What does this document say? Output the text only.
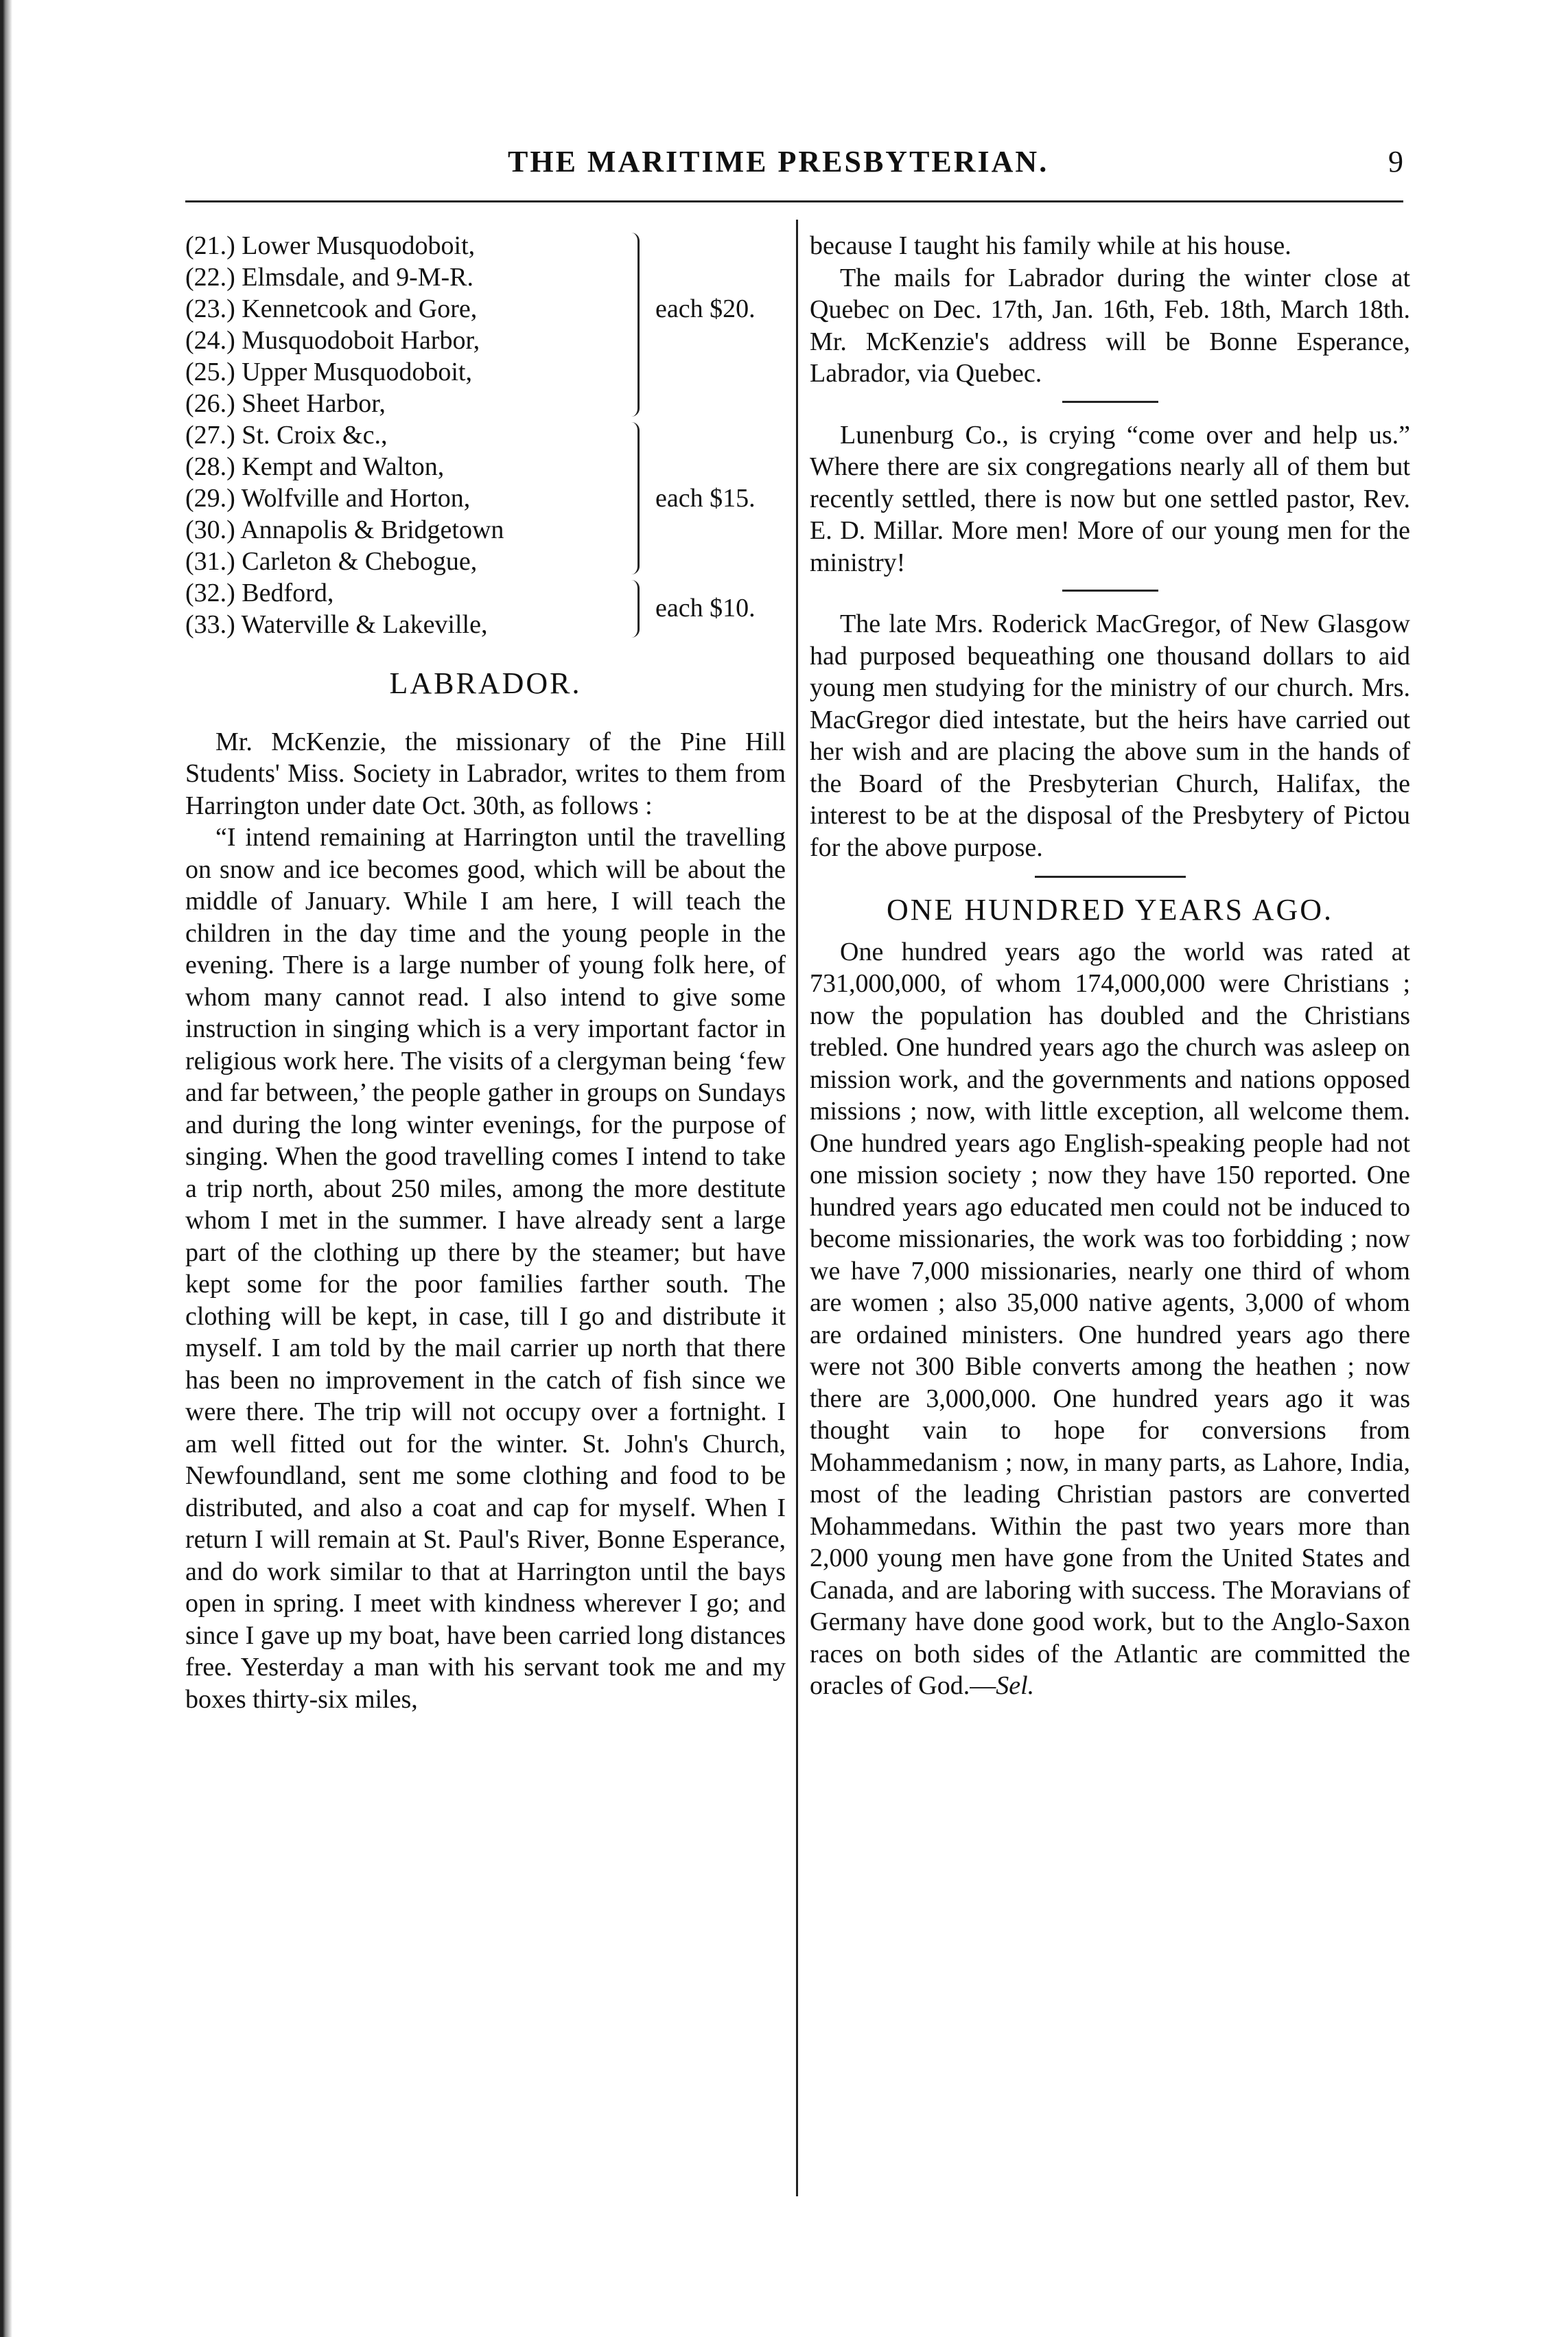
THE MARITIME PRESBYTERIAN.	9
(21.) Lower Musquodoboit,
(22.) Elmsdale, and 9-M-R.
(23.) Kennetcook and Gore,
(24.) Musquodoboit Harbor,
(25.) Upper Musquodoboit,
(26.) Sheet Harbor,
each $20.
(27.) St. Croix &c.,
(28.) Kempt and Walton,
(29.) Wolfville and Horton,
(30.) Annapolis & Bridgetown
(31.) Carleton & Chebogue,
each $15.
(32.) Bedford,
(33.) Waterville & Lakeville,
each $10.
LABRADOR.

Mr. McKenzie, the missionary of the Pine Hill Students' Miss. Society in Labrador, writes to them from Harrington under date Oct. 30th, as follows :

“I intend remaining at Harrington until the travelling on snow and ice becomes good, which will be about the middle of January. While I am here, I will teach the children in the day time and the young people in the evening. There is a large number of young folk here, of whom many cannot read. I also intend to give some instruction in singing which is a very important factor in religious work here. The visits of a clergyman being ‘few and far between,’ the people gather in groups on Sundays and during the long winter evenings, for the purpose of singing. When the good travelling comes I intend to take a trip north, about 250 miles, among the more destitute whom I met in the summer. I have already sent a large part of the clothing up there by the steamer; but have kept some for the poor families farther south. The clothing will be kept, in case, till I go and distribute it myself. I am told by the mail carrier up north that there has been no improvement in the catch of fish since we were there. The trip will not occupy over a fortnight. I am well fitted out for the winter. St. John's Church, Newfoundland, sent me some clothing and food to be distributed, and also a coat and cap for myself. When I return I will remain at St. Paul's River, Bonne Esperance, and do work similar to that at Harrington until the bays open in spring. I meet with kindness wherever I go; and since I gave up my boat, have been carried long distances free. Yesterday a man with his servant took me and my boxes thirty-six miles,

because I taught his family while at his house.

The mails for Labrador during the winter close at Quebec on Dec. 17th, Jan. 16th, Feb. 18th, March 18th. Mr. McKenzie's address will be Bonne Esperance, Labrador, via Quebec.

Lunenburg Co., is crying “come over and help us.” Where there are six congregations nearly all of them but recently settled, there is now but one settled pastor, Rev. E. D. Millar. More men! More of our young men for the ministry!

The late Mrs. Roderick MacGregor, of New Glasgow had purposed bequeathing one thousand dollars to aid young men studying for the ministry of our church. Mrs. MacGregor died intestate, but the heirs have carried out her wish and are placing the above sum in the hands of the Board of the Presbyterian Church, Halifax, the interest to be at the disposal of the Presbytery of Pictou for the above purpose.

ONE HUNDRED YEARS AGO.

One hundred years ago the world was rated at 731,000,000, of whom 174,000,000 were Christians ; now the population has doubled and the Christians trebled. One hundred years ago the church was asleep on mission work, and the governments and nations opposed missions ; now, with little exception, all welcome them. One hundred years ago English-speaking people had not one mission society ; now they have 150 reported. One hundred years ago educated men could not be induced to become missionaries, the work was too forbidding ; now we have 7,000 missionaries, nearly one third of whom are women ; also 35,000 native agents, 3,000 of whom are ordained ministers. One hundred years ago there were not 300 Bible converts among the heathen ; now there are 3,000,000. One hundred years ago it was thought vain to hope for conversions from Mohammedanism ; now, in many parts, as Lahore, India, most of the leading Christian pastors are converted Mohammedans. Within the past two years more than 2,000 young men have gone from the United States and Canada, and are laboring with success. The Moravians of Germany have done good work, but to the Anglo-Saxon races on both sides of the Atlantic are committed the oracles of God.—Sel.
